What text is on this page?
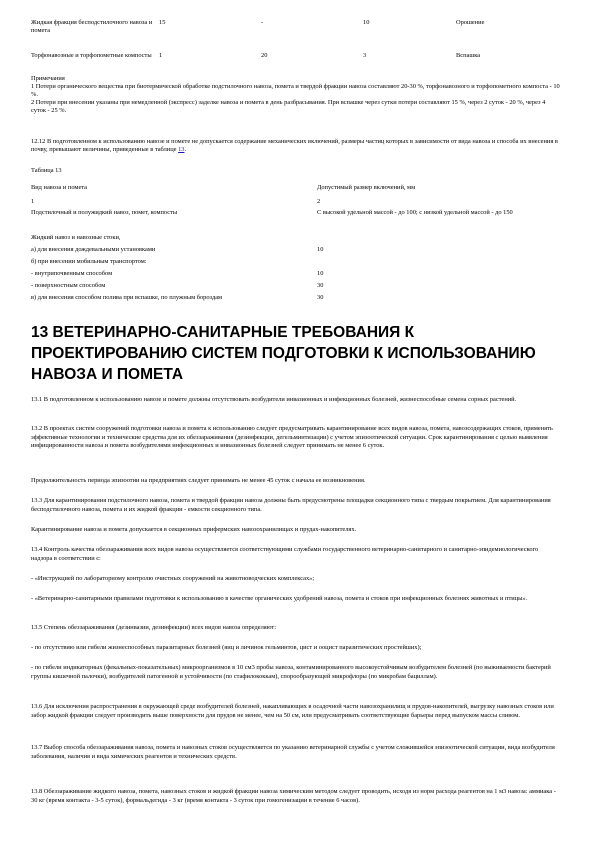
Жидкая фракция бесподстилочного навоза и помета	15	-	10	Орошение
Торфонавозные и торфопометные компосты	1	20	3	Вспашка
Примечания
1 Потери органического вещества при биотермической обработке подстилочного навоза, помета и твердой фракции навоза составляют 20-30 %, торфонавозного и торфопометного компоста - 10 %.
2 Потери при внесении указаны при немедленной (экспресс) заделке навоза и помета в день разбрасывания. При вспашке через сутки потери составляют 15 %, через 2 суток - 20 %, через 4 суток - 25 %.
12.12 В подготовленном к использованию навозе и помете не допускается содержание механических включений, размеры частиц которых в зависимости от вида навоза и способа их внесения в почву, превышают величины, приведенные в таблице 13.
Таблица 13
Вид навоза и помета	Допустимый размер включений, мм
1	2
Подстилочный и полужидкий навоз, помет, компосты	С высокой удельной массой - до 100; с низкой удельной массой - до 150
Жидкий навоз и навозные стоки,	
а) для внесения дождевальными установками	10
б) при внесении мобильным транспортом:	
- внутрипочвенным способом	10
- поверхностным способом	30
в) для внесения способом полива при вспашке, по плужным бороздам	30
13 ВЕТЕРИНАРНО-САНИТАРНЫЕ ТРЕБОВАНИЯ К ПРОЕКТИРОВАНИЮ СИСТЕМ ПОДГОТОВКИ К ИСПОЛЬЗОВАНИЮ НАВОЗА И ПОМЕТА
13.1 В подготовленном к использованию навозе и помете должны отсутствовать возбудители инвазионных и инфекционных болезней, жизнеспособные семена сорных растений.
13.2 В проектах систем сооружений подготовки навоза и помета к использованию следует предусматривать карантинирование всех видов навоза, помета, навозсодержащих стоков, применять эффективные технологии и технические средства для их обеззараживания (дезинфекции, дегельминтизации) с учетом эпизоотической ситуации. Срок карантинирования с целью выявления инфицированности навоза и помета возбудителями инфекционных и инвазионных болезней следует принимать не менее 6 суток.
Продолжительность периода эпизоотии на предприятиях следует принимать не менее 45 суток с начала ее возникновения.
13.3 Для карантинирования подстилочного навоза, помета и твердой фракции навоза должны быть предусмотрены площадки секционного типа с твердым покрытием. Для карантинирования бесподстилочного навоза, помета и их жидкой фракции - емкости секционного типа.
Карантинирование навоза и помета допускается в секционных прифермских навозохранилищах и прудах-накопителях.
13.4 Контроль качества обеззараживания всех видов навоза осуществляется соответствующими службами государственного ветеринарно-санитарного и санитарно-эпидемиологического надзора в соответствии с:
- «Инструкцией по лабораторному контролю очистных сооружений на животноводческих комплексах»;
- «Ветеринарно-санитарными правилами подготовки к использованию в качестве органических удобрений навоза, помета и стоков при инфекционных болезнях животных и птицы».
13.5 Степень обеззараживания (дезинвазии, дезинфекции) всех видов навоза определяют:
- по отсутствию или гибели жизнеспособных паразитарных болезней (яиц и личинок гельминтов, цист и ооцист паразитических простейших);
- по гибели индикаторных (фекальных-показательных) микроорганизмов в 10 см3 пробы навоза, контаминированного высокоустойчивым возбудителем болезней (по выживаемости бактерий группы кишечной палочки), возбудителей патогенной и устойчивости (по стафилококкам), спорообразующей микрофлоры (по микробам бациллам).
13.6 Для исключения распространения в окружающей среде возбудителей болезней, накапливающих в осадочной части навозохранилищ и прудов-накопителей, выгрузку навозных стоков или забор жидкой фракции следует производить выше поверхности для прудов не менее, чем на 50 см, или предусматривать соответствующие барьеры перед выпуском массы сливом.
13.7 Выбор способа обеззараживания навоза, помета и навозных стоков осуществляется по указанию ветеринарной службы с учетом сложившейся эпизоотической ситуации, вида возбудителя заболевания, наличия и вида химических реагентов и технических средств.
13.8 Обеззараживание жидкого навоза, помета, навозных стоков и жидкой фракции навоза химическим методом следует проводить, исходя из норм расхода реагентов на 1 м3 навоза: аммиака - 30 кг (время контакта - 3-5 суток), формальдегида - 3 кг (время контакта - 3 суток при гомогенизации в течение 6 часов).
